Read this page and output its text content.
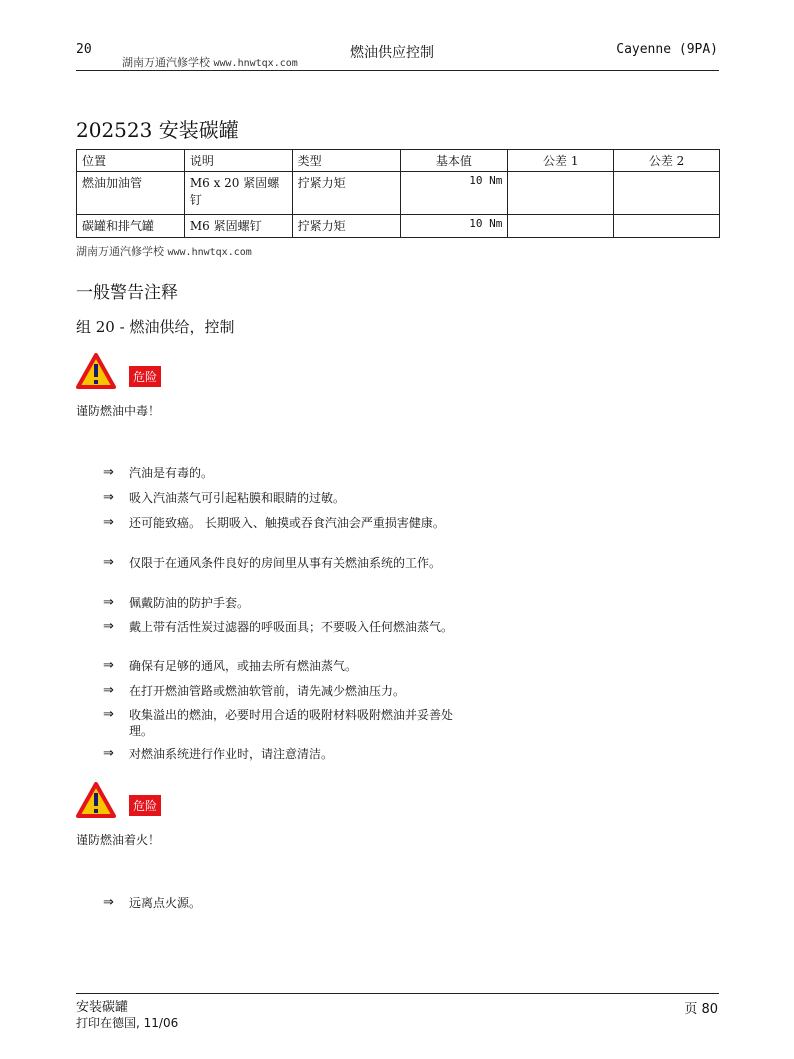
20
湖南万通汽修学校 www.hnwtqx.com
燃油供应控制	Cayenne (9PA)
202523 安装碳罐
位置	说明	类型	基本值	公差 1	公差 2
燃油加油管	M6 x 20 紧固螺钉	拧紧力矩	10 Nm		
碳罐和排气罐	M6 紧固螺钉	拧紧力矩	10 Nm		
湖南万通汽修学校 www.hnwtqx.com
一般警告注释
组 20 - 燃油供给，控制
危险
谨防燃油中毒！
⇒ 汽油是有毒的。
⇒ 吸入汽油蒸气可引起粘膜和眼睛的过敏。
⇒ 还可能致癌。 长期吸入、触摸或吞食汽油会严重损害健康。
⇒ 仅限于在通风条件良好的房间里从事有关燃油系统的工作。
⇒ 佩戴防油的防护手套。
⇒ 戴上带有活性炭过滤器的呼吸面具；不要吸入任何燃油蒸气。
⇒ 确保有足够的通风，或抽去所有燃油蒸气。
⇒ 在打开燃油管路或燃油软管前，请先减少燃油压力。
⇒ 收集溢出的燃油，必要时用合适的吸附材料吸附燃油并妥善处理。
⇒ 对燃油系统进行作业时，请注意清洁。
危险
谨防燃油着火！
⇒ 远离点火源。
安装碳罐
打印在德国, 11/06
页 80
